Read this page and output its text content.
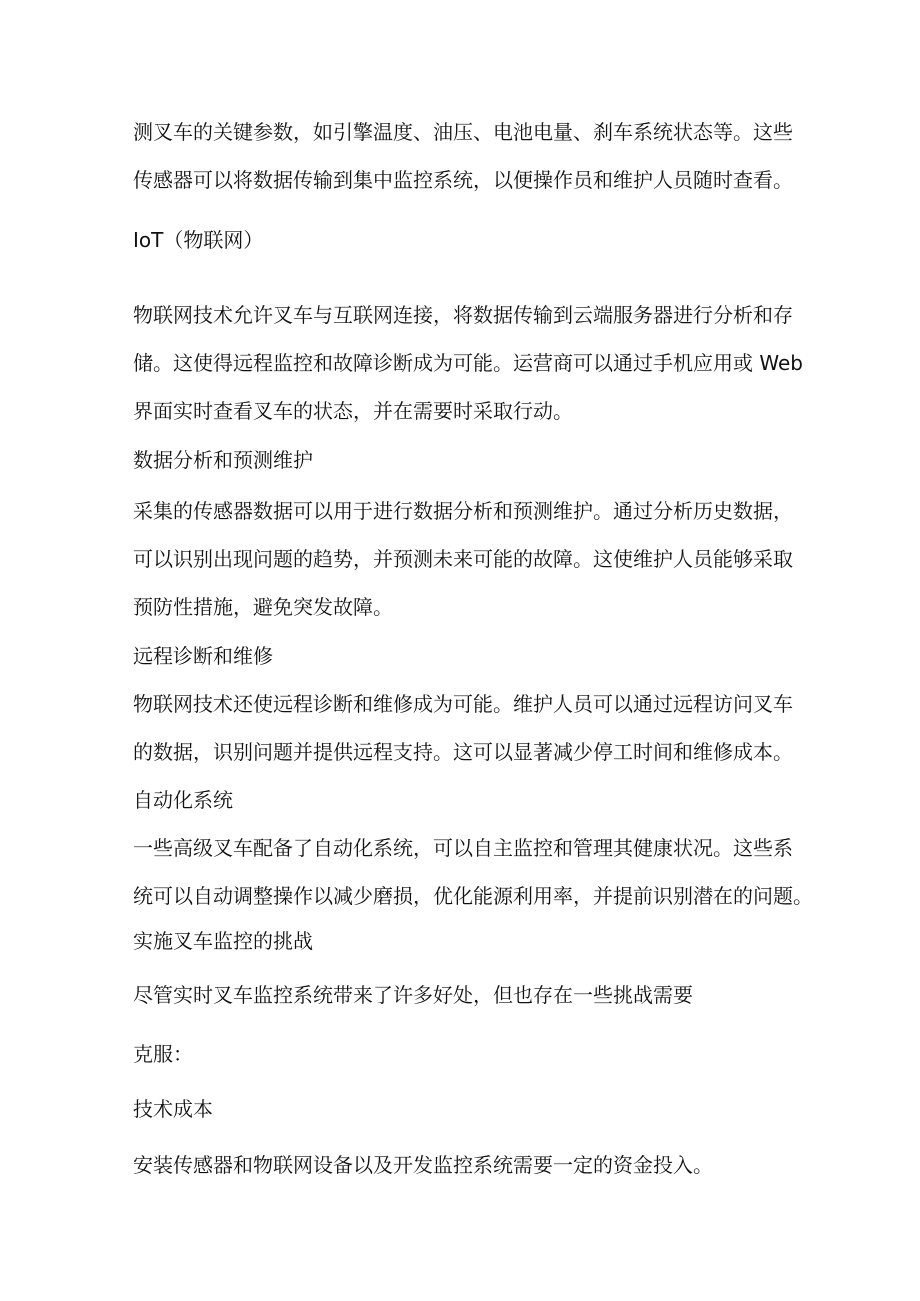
测叉车的关键参数，如引擎温度、油压、电池电量、刹车系统状态等。这些
传感器可以将数据传输到集中监控系统，以便操作员和维护人员随时查看。
IoT（物联网）
物联网技术允许叉车与互联网连接，将数据传输到云端服务器进行分析和存
储。这使得远程监控和故障诊断成为可能。运营商可以通过手机应用或 Web
界面实时查看叉车的状态，并在需要时采取行动。
数据分析和预测维护
采集的传感器数据可以用于进行数据分析和预测维护。通过分析历史数据，
可以识别出现问题的趋势，并预测未来可能的故障。这使维护人员能够采取
预防性措施，避免突发故障。
远程诊断和维修
物联网技术还使远程诊断和维修成为可能。维护人员可以通过远程访问叉车
的数据，识别问题并提供远程支持。这可以显著减少停工时间和维修成本。
自动化系统
一些高级叉车配备了自动化系统，可以自主监控和管理其健康状况。这些系
统可以自动调整操作以减少磨损，优化能源利用率，并提前识别潜在的问题。
实施叉车监控的挑战
尽管实时叉车监控系统带来了许多好处，但也存在一些挑战需要
克服：
技术成本
安装传感器和物联网设备以及开发监控系统需要一定的资金投入。
